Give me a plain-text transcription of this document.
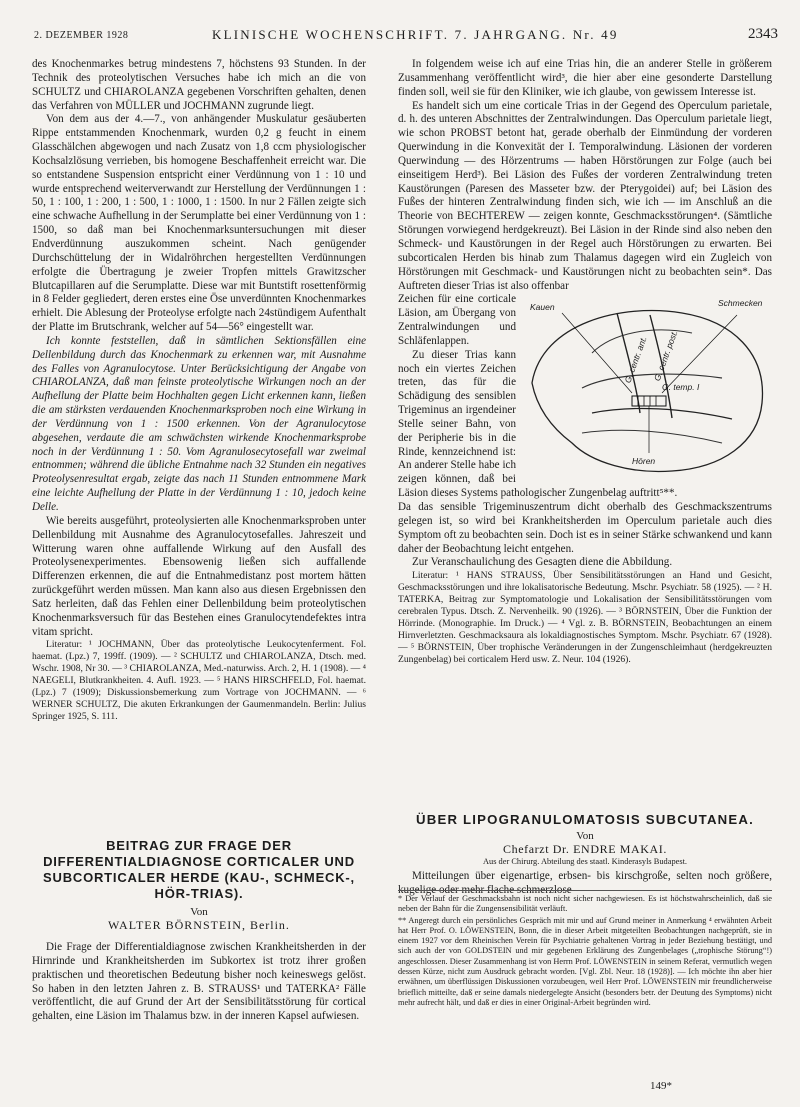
2. DEZEMBER 1928	KLINISCHE WOCHENSCHRIFT. 7. JAHRGANG. Nr. 49	2343

des Knochenmarkes betrug mindestens 7, höchstens 93 Stunden. In der Technik des proteolytischen Versuches habe ich mich an die von SCHULTZ und CHIAROLANZA gegebenen Vorschriften gehalten, denen das Verfahren von MÜLLER und JOCHMANN zugrunde liegt.

Von dem aus der 4.—7., von anhängender Muskulatur gesäuberten Rippe entstammenden Knochenmark, wurden 0,2 g feucht in einem Glasschälchen abgewogen und nach Zusatz von 1,8 ccm physiologischer Kochsalzlösung verrieben, bis homogene Beschaffenheit erreicht war. Die so entstandene Suspension entspricht einer Verdünnung von 1 : 10 und wurde entsprechend weiterverwandt zur Herstellung der Verdünnungen 1 : 50, 1 : 100, 1 : 200, 1 : 500, 1 : 1000, 1 : 1500. In nur 2 Fällen zeigte sich eine schwache Aufhellung in der Serumplatte bei einer Verdünnung von 1 : 1500, so daß man bei Knochenmarksuntersuchungen mit dieser Endverdünnung auszukommen scheint. Nach genügender Durchschüttelung der in Widalröhrchen hergestellten Verdünnungen erfolgte die Übertragung je zweier Tropfen mittels Grawitzscher Blutcapillaren auf die Serumplatte. Diese war mit Buntstift rosettenförmig in 8 Felder gegliedert, deren erstes eine Öse unverdünnten Knochenmarkes erhielt. Die Ablesung der Proteolyse erfolgte nach 24stündigem Aufenthalt der Platte im Brutschrank, welcher auf 54—56° eingestellt war.

Ich konnte feststellen, daß in sämtlichen Sektionsfällen eine Dellenbildung durch das Knochenmark zu erkennen war, mit Ausnahme des Falles von Agranulocytose. Unter Berücksichtigung der Angabe von CHIAROLANZA, daß man feinste proteolytische Wirkungen noch an der Aufhellung der Platte beim Hochhalten gegen Licht erkennen kann, ließen die am stärksten verdauenden Knochenmarksproben noch eine Wirkung in der Verdünnung von 1 : 1500 erkennen. Von der Agranulocytose abgesehen, verdaute die am schwächsten wirkende Knochenmarksprobe noch in der Verdünnung 1 : 50. Vom Agranulosecytosefall war zweimal entnommen; während die übliche Entnahme nach 32 Stunden ein negatives Proteolysenresultat ergab, zeigte das nach 11 Stunden entnommene Mark eine leichte Aufhellung der Platte in der Verdünnung 1 : 10, jedoch keine Delle.

Wie bereits ausgeführt, proteolysierten alle Knochenmarksproben unter Dellenbildung mit Ausnahme des Agranulocytosefalles. Jahreszeit und Witterung waren ohne auffallende Wirkung auf den Ausfall des Proteolysenexperimentes. Ebensowenig ließen sich auffallende Differenzen erkennen, die auf die Entnahmedistanz post mortem hätten zurückgeführt werden müssen. Man kann also aus diesen Ergebnissen den Satz herleiten, daß das Fehlen einer Dellenbildung beim proteolytischen Knochenmarksversuch für das Bestehen eines Granulocytendefektes intra vitam spricht.

Literatur: ¹ JOCHMANN, Über das proteolytische Leukocytenferment. Fol. haemat. (Lpz.) 7, 199ff. (1909). — ² SCHULTZ und CHIAROLANZA, Dtsch. med. Wschr. 1908, Nr 30. — ³ CHIAROLANZA, Med.-naturwiss. Arch. 2, H. 1 (1908). — ⁴ NAEGELI, Blutkrankheiten. 4. Aufl. 1923. — ⁵ HANS HIRSCHFELD, Fol. haemat. (Lpz.) 7 (1909); Diskussionsbemerkung zum Vortrage von JOCHMANN. — ⁶ WERNER SCHULTZ, Die akuten Erkrankungen der Gaumenmandeln. Berlin: Julius Springer 1925, S. 111.

BEITRAG ZUR FRAGE DER DIFFERENTIALDIAGNOSE CORTICALER UND SUBCORTICALER HERDE (KAU-, SCHMECK-, HÖR-TRIAS).
Von
WALTER BÖRNSTEIN, Berlin.

Die Frage der Differentialdiagnose zwischen Krankheitsherden in der Hirnrinde und Krankheitsherden im Subkortex ist trotz ihrer großen praktischen und theoretischen Bedeutung bisher noch keineswegs gelöst. So haben in den letzten Jahren z. B. STRAUSS¹ und TATERKA² Fälle veröffentlicht, die auf Grund der Art der Sensibilitätsstörung für cortical gehalten, eine Läsion im Thalamus bzw. in der inneren Kapsel aufwiesen.

In folgendem weise ich auf eine Trias hin, die an anderer Stelle in größerem Zusammenhang veröffentlicht wird³, die hier aber eine gesonderte Darstellung finden soll, weil sie für den Kliniker, wie ich glaube, von gewissem Interesse ist.

Es handelt sich um eine corticale Trias in der Gegend des Operculum parietale, d. h. des unteren Abschnittes der Zentralwindungen. Das Operculum parietale liegt, wie schon PROBST betont hat, gerade oberhalb der Einmündung der vorderen Querwindung in die Konvexität der I. Temporalwindung. Läsionen der vorderen Querwindung — des Hörzentrums — haben Hörstörungen zur Folge (auch bei einseitigem Herd³). Bei Läsion des Fußes der vorderen Zentralwindung treten Kaustörungen (Paresen des Masseter bzw. der Pterygoidei) auf; bei Läsion des Fußes der hinteren Zentralwindung finden sich, wie ich — im Anschluß an die Theorie von BECHTEREW — zeigen konnte, Geschmacksstörungen⁴. (Sämtliche Störungen vorwiegend herdgekreuzt). Bei Läsion in der Rinde sind also neben den Schmeck- und Kaustörungen in der Regel auch Hörstörungen zu erwarten. Bei subcorticalen Herden bis hinab zum Thalamus dagegen wird ein Zugleich von Hörstörungen mit Geschmack- und Kaustörungen nicht zu beobachten sein*. Das Auftreten dieser Trias ist also offenbar

Kauen	Schmecken
G. centr. ant. G. centr. post.
G. temp. I
Hören

Zeichen für eine corticale Läsion, am Übergang von Zentralwindungen und Schläfenlappen.

Zu dieser Trias kann noch ein viertes Zeichen treten, das für die Schädigung des sensiblen Trigeminus an irgendeiner Stelle seiner Bahn, von der Peripherie bis in die Rinde, kennzeichnend ist: An anderer Stelle habe ich zeigen können, daß bei Läsion dieses Systems pathologischer Zungenbelag auftritt⁵**.

Da das sensible Trigeminuszentrum dicht oberhalb des Geschmackszentrums gelegen ist, so wird bei Krankheitsherden im Operculum parietale auch dies Symptom oft zu beobachten sein. Doch ist es in seiner Stärke schwankend und kann daher der Beobachtung leicht entgehen.

Zur Veranschaulichung des Gesagten diene die Abbildung.

Literatur: ¹ HANS STRAUSS, Über Sensibilitätsstörungen an Hand und Gesicht, Geschmacksstörungen und ihre lokalisatorische Bedeutung. Mschr. Psychiatr. 58 (1925). — ² H. TATERKA, Beitrag zur Symptomatologie und Lokalisation der Sensibilitätsstörungen vom cerebralen Typus. Dtsch. Z. Nervenheilk. 90 (1926). — ³ BÖRNSTEIN, Über die Funktion der Hörrinde. (Monographie. Im Druck.) — ⁴ Vgl. z. B. BÖRNSTEIN, Beobachtungen an einem Hirnverletzten. Geschmacksaura als lokaldiagnostisches Symptom. Mschr. Psychiatr. 67 (1928). — ⁵ BÖRNSTEIN, Über trophische Veränderungen in der Zungenschleimhaut (herdgekreuzten Zungenbelag) bei corticalem Herd usw. Z. Neur. 104 (1926).

ÜBER LIPOGRANULOMATOSIS SUBCUTANEA.
Von
Chefarzt Dr. ENDRE MAKAI.
Aus der Chirurg. Abteilung des staatl. Kinderasyls Budapest.

Mitteilungen über eigenartige, erbsen- bis kirschgroße, selten noch größere, kugelige oder mehr flache schmerzlose

* Der Verlauf der Geschmacksbahn ist noch nicht sicher nachgewiesen. Es ist höchstwahrscheinlich, daß sie neben der Bahn für die Zungensensibilität verläuft.

** Angeregt durch ein persönliches Gespräch mit mir und auf Grund meiner in Anmerkung ⁴ erwähnten Arbeit hat Herr Prof. O. LÖWENSTEIN, Bonn, die in dieser Arbeit mitgeteilten Beobachtungen nachgeprüft, sie in einem 1927 vor dem Rheinischen Verein für Psychiatrie gehaltenen Vortrag in jeder Beziehung bestätigt, und sich auch der von GOLDSTEIN und mir gegebenen Erklärung des Zungenbelages („trophische Störung“!) angeschlossen. Dieser Zusammenhang ist von Herrn Prof. LÖWENSTEIN in seinem Referat, vermutlich wegen dessen Kürze, nicht zum Ausdruck gebracht worden. [Vgl. Zbl. Neur. 18 (1928)]. — Ich möchte ihn aber hier erwähnen, um überflüssigen Diskussionen vorzubeugen, weil Herr Prof. LÖWENSTEIN mir freundlicherweise brieflich mitteilte, daß er seine damals niedergelegte Ansicht (besonders betr. der Deutung des Symptoms) nicht mehr aufrecht hält, und daß er dies in einer Original-Arbeit begründen wird.

149*
